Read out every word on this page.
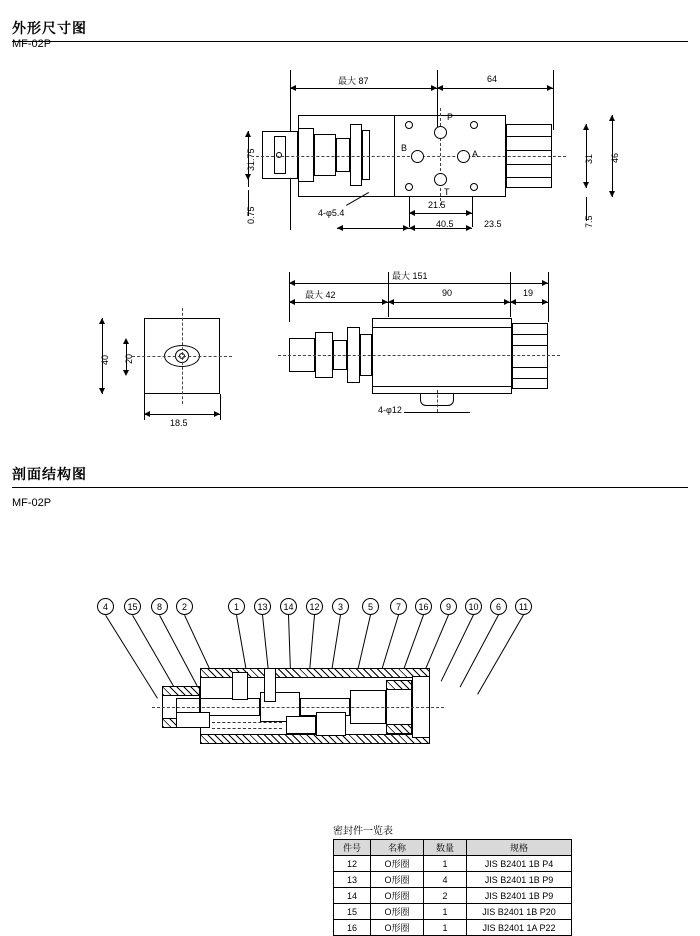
外形尺寸图
MF-02P
最大 87	64
P
A
B
T
31.75
0.75
31 46
7.5
4-φ5.4
21.5
23.5
40.5
最大 151
最大 42	90	19
4-φ12
40 20
18.5
剖面结构图
MF-02P
4	15	8	2	1	13	14	12	3	5	7	16	9	10	6	11
密封件一览表
件号	名称	数量	规格
12	O形圈	1	JIS B2401 1B P4
13	O形圈	4	JIS B2401 1B P9
14	O形圈	2	JIS B2401 1B P9
15	O形圈	1	JIS B2401 1B P20
16	O形圈	1	JIS B2401 1A P22
